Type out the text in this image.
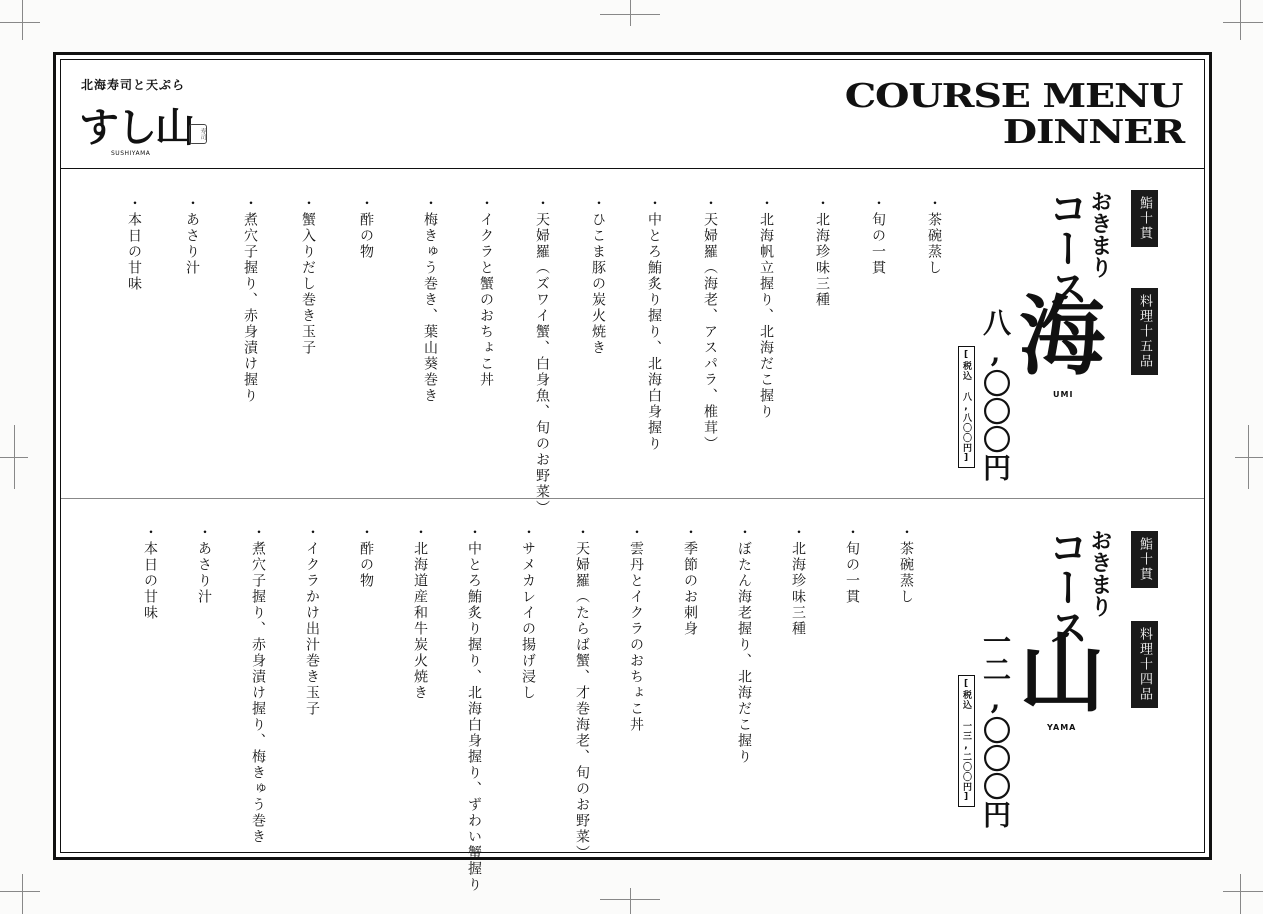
北海寿司と天ぷら
すし山	寿司
SUSHIYAMA
COURSE MENU
DINNER
鮨十貫
料理十五品
おきまり
コース
海
UMI
八,〇〇〇円
[税込 八,八〇〇円]
・ 茶碗蒸し
・ 旬の一貫
・ 北海珍味三種
・ 北海帆立握り、北海だこ握り
・ 天婦羅（海老、アスパラ、椎茸）
・ 中とろ鮪炙り握り、北海白身握り
・ ひこま豚の炭火焼き
・ 天婦羅（ズワイ蟹、白身魚、旬のお野菜）
・ イクラと蟹のおちょこ丼
・ 梅きゅう巻き、葉山葵巻き
・ 酢の物
・ 蟹入りだし巻き玉子
・ 煮穴子握り、赤身漬け握り
・ あさり汁
・ 本日の甘味
鮨十貫
料理十四品
おきまり
コース
山
YAMA
一二,〇〇〇円
[税込 一三,二〇〇円]
・ 茶碗蒸し
・ 旬の一貫
・ 北海珍味三種
・ ぼたん海老握り、北海だこ握り
・ 季節のお刺身
・ 雲丹とイクラのおちょこ丼
・ 天婦羅（たらば蟹、才巻海老、旬のお野菜）
・ サメカレイの揚げ浸し
・ 中とろ鮪炙り握り、北海白身握り、ずわい蟹握り
・ 北海道産和牛炭火焼き
・ 酢の物
・ イクラかけ出汁巻き玉子
・ 煮穴子握り、赤身漬け握り、梅きゅう巻き
・ あさり汁
・ 本日の甘味
